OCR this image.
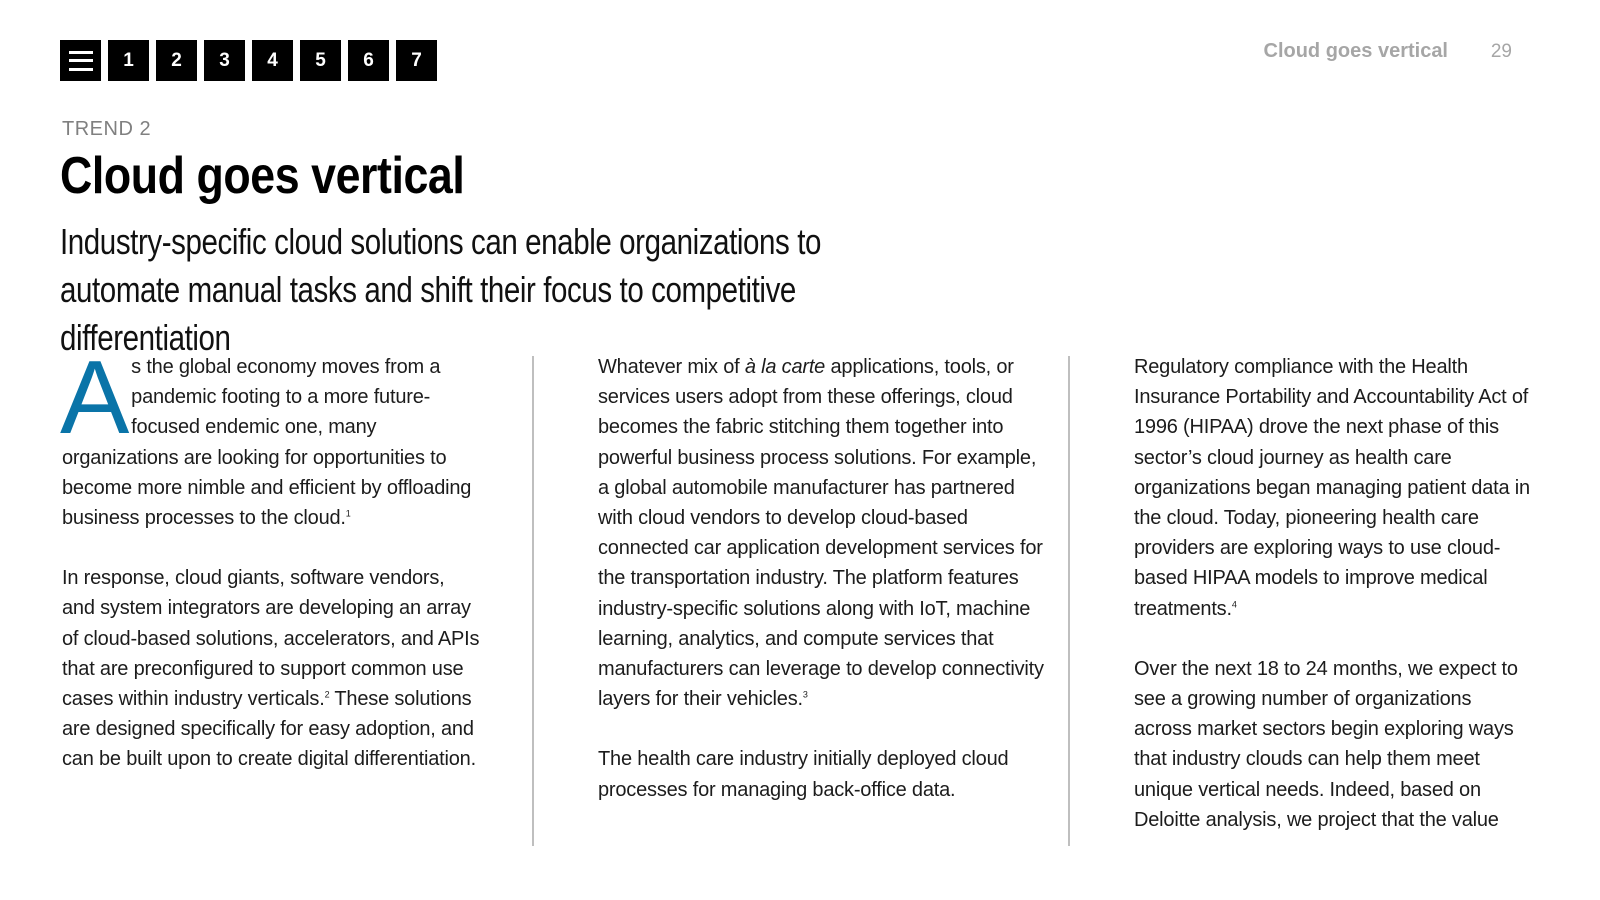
1	2	3	4	5	6	7	Cloud goes vertical 29
TREND 2
Cloud goes vertical
Industry-specific cloud solutions can enable organizations to automate manual tasks and shift their focus to competitive differentiation

As the global economy moves from a pandemic footing to a more future-focused endemic one, many organizations are looking for opportunities to become more nimble and efficient by offloading business processes to the cloud.$^1$

In response, cloud giants, software vendors, and system integrators are developing an array of cloud-based solutions, accelerators, and APIs that are preconfigured to support common use cases within industry verticals.$^2$ These solutions are designed specifically for easy adoption, and can be built upon to create digital differentiation.

Whatever mix of à la carte applications, tools, or services users adopt from these offerings, cloud becomes the fabric stitching them together into powerful business process solutions. For example, a global automobile manufacturer has partnered with cloud vendors to develop cloud-based connected car application development services for the transportation industry. The platform features industry-specific solutions along with IoT, machine learning, analytics, and compute services that manufacturers can leverage to develop connectivity layers for their vehicles.$^3$

The health care industry initially deployed cloud processes for managing back-office data.

Regulatory compliance with the Health Insurance Portability and Accountability Act of 1996 (HIPAA) drove the next phase of this sector’s cloud journey as health care organizations began managing patient data in the cloud. Today, pioneering health care providers are exploring ways to use cloud-based HIPAA models to improve medical treatments.$^4$

Over the next 18 to 24 months, we expect to see a growing number of organizations across market sectors begin exploring ways that industry clouds can help them meet unique vertical needs. Indeed, based on Deloitte analysis, we project that the value
